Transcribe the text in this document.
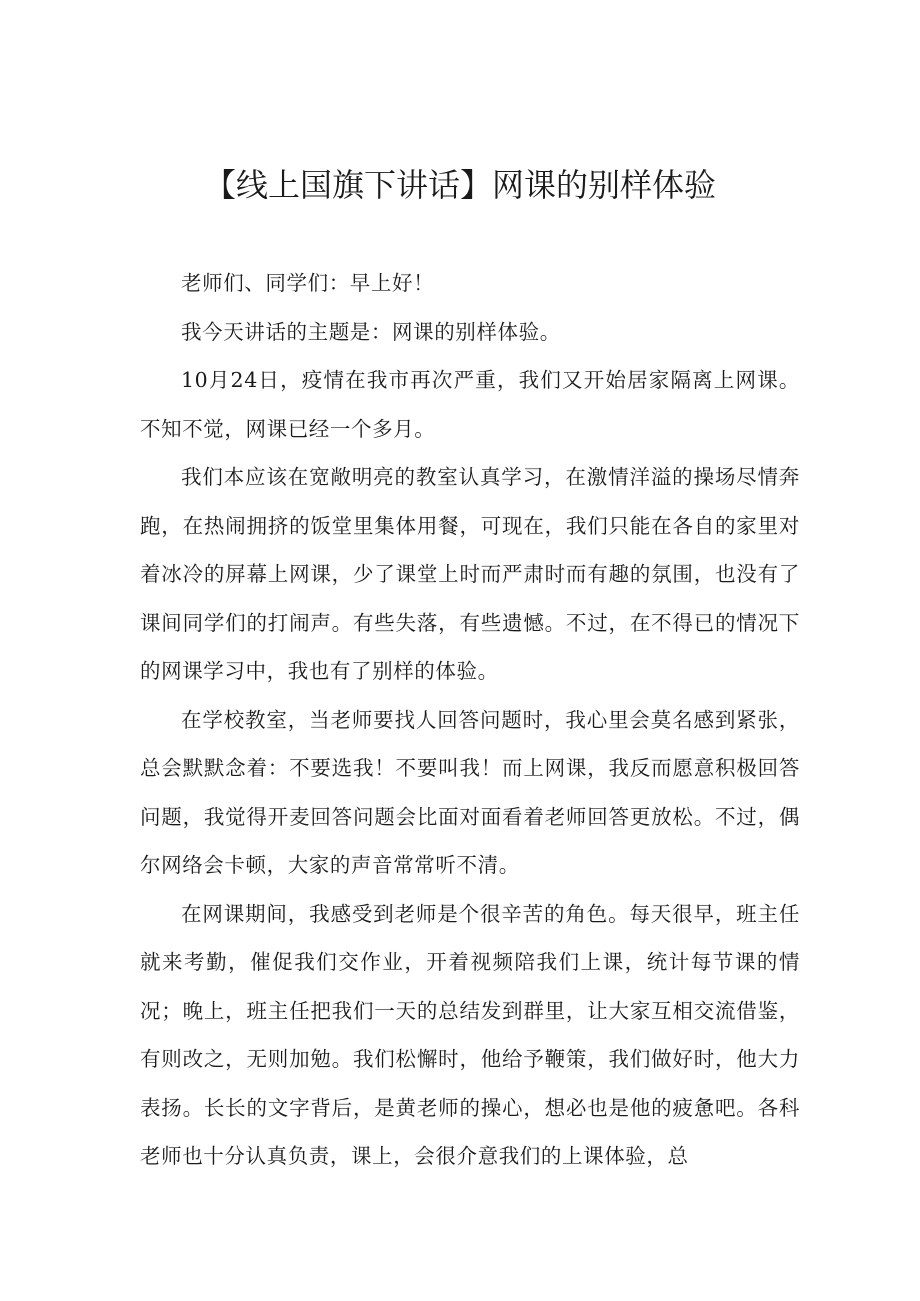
【线上国旗下讲话】网课的别样体验

老师们、同学们：早上好！

我今天讲话的主题是：网课的别样体验。

10月24日，疫情在我市再次严重，我们又开始居家隔离上网课。不知不觉，网课已经一个多月。

我们本应该在宽敞明亮的教室认真学习，在激情洋溢的操场尽情奔跑，在热闹拥挤的饭堂里集体用餐，可现在，我们只能在各自的家里对着冰冷的屏幕上网课，少了课堂上时而严肃时而有趣的氛围，也没有了课间同学们的打闹声。有些失落，有些遗憾。不过，在不得已的情况下的网课学习中，我也有了别样的体验。

在学校教室，当老师要找人回答问题时，我心里会莫名感到紧张，总会默默念着：不要选我！不要叫我！而上网课，我反而愿意积极回答问题，我觉得开麦回答问题会比面对面看着老师回答更放松。不过，偶尔网络会卡顿，大家的声音常常听不清。

在网课期间，我感受到老师是个很辛苦的角色。每天很早，班主任就来考勤，催促我们交作业，开着视频陪我们上课，统计每节课的情况；晚上，班主任把我们一天的总结发到群里，让大家互相交流借鉴，有则改之，无则加勉。我们松懈时，他给予鞭策，我们做好时，他大力表扬。长长的文字背后，是黄老师的操心，想必也是他的疲惫吧。各科老师也十分认真负责，课上，会很介意我们的上课体验，总
